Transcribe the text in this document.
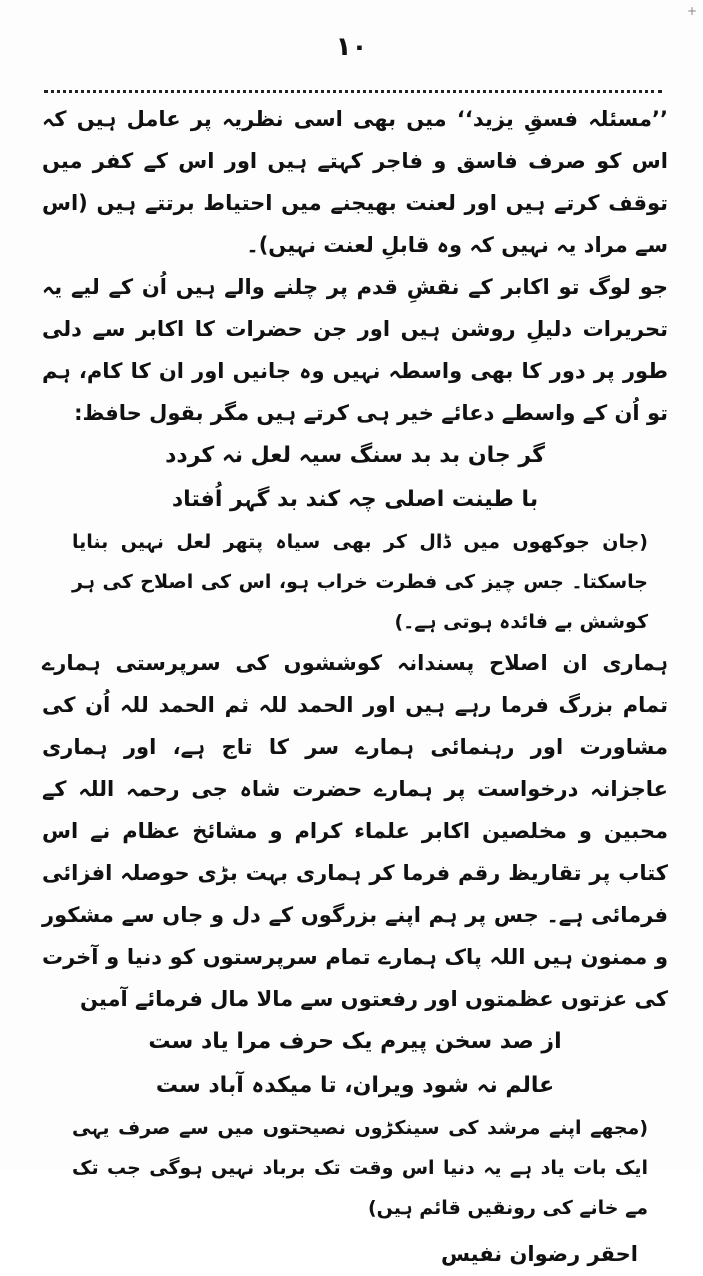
+
۱۰

’’مسئلہ فسقِ یزید‘‘ میں بھی اسی نظریہ پر عامل ہیں کہ اس کو صرف فاسق و فاجر کہتے ہیں اور اس کے کفر میں توقف کرتے ہیں اور لعنت بھیجنے میں احتیاط برتتے ہیں (اس سے مراد یہ نہیں کہ وہ قابلِ لعنت نہیں)۔

جو لوگ تو اکابر کے نقشِ قدم پر چلنے والے ہیں اُن کے لیے یہ تحریرات دلیلِ روشن ہیں اور جن حضرات کا اکابر سے دلی طور پر دور کا بھی واسطہ نہیں وہ جانیں اور ان کا کام، ہم تو اُن کے واسطے دعائے خیر ہی کرتے ہیں مگر بقول حافظ:

گر جان بد بد سنگ سیہ لعل نہ کردد

با طینت اصلی چہ کند بد گہر اُفتاد

(جان جوکھوں میں ڈال کر بھی سیاہ پتھر لعل نہیں بنایا جاسکتا۔ جس چیز کی فطرت خراب ہو، اس کی اصلاح کی ہر کوشش بے فائدہ ہوتی ہے۔)

ہماری ان اصلاح پسندانہ کوششوں کی سرپرستی ہمارے تمام بزرگ فرما رہے ہیں اور الحمد للہ ثم الحمد للہ اُن کی مشاورت اور رہنمائی ہمارے سر کا تاج ہے، اور ہماری عاجزانہ درخواست پر ہمارے حضرت شاہ جی رحمہ اللہ کے محبین و مخلصین اکابر علماء کرام و مشائخ عظام نے اس کتاب پر تقاریظ رقم فرما کر ہماری بہت بڑی حوصلہ افزائی فرمائی ہے۔ جس پر ہم اپنے بزرگوں کے دل و جاں سے مشکور و ممنون ہیں اللہ پاک ہمارے تمام سرپرستوں کو دنیا و آخرت کی عزتوں عظمتوں اور رفعتوں سے مالا مال فرمائے آمین

از صد سخن پیرم یک حرف مرا یاد ست

عالم نہ شود ویران، تا میکدہ آباد ست

(مجھے اپنے مرشد کی سینکڑوں نصیحتوں میں سے صرف یہی ایک بات یاد ہے یہ دنیا اس وقت تک برباد نہیں ہوگی جب تک مے خانے کی رونقیں قائم ہیں)

احقر رضوان نفیس
